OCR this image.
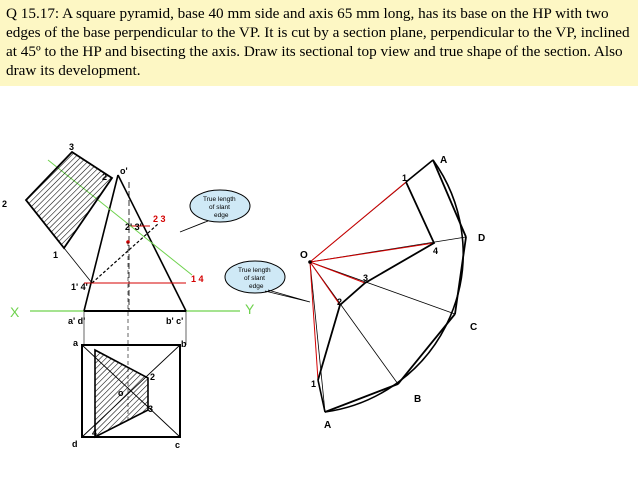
Q 15.17: A square pyramid, base 40 mm side and axis 65 mm long, has its base on the HP with two edges of the base perpendicular to the VP. It is cut by a section plane, perpendicular to the VP, inclined at 45º to the HP and bisecting the axis. Draw its sectional top view and true shape of the section. Also draw its development.
X	Y
o'
a' d'	b' c'
1' 4'
2' 3'
2 3
1 4
3
2
1
2	True length
of slant
edge
True length
of slant
edge
a	b
c
d
o
2
3
4
O
A
D
C
B
A
1
4
3
2
1
